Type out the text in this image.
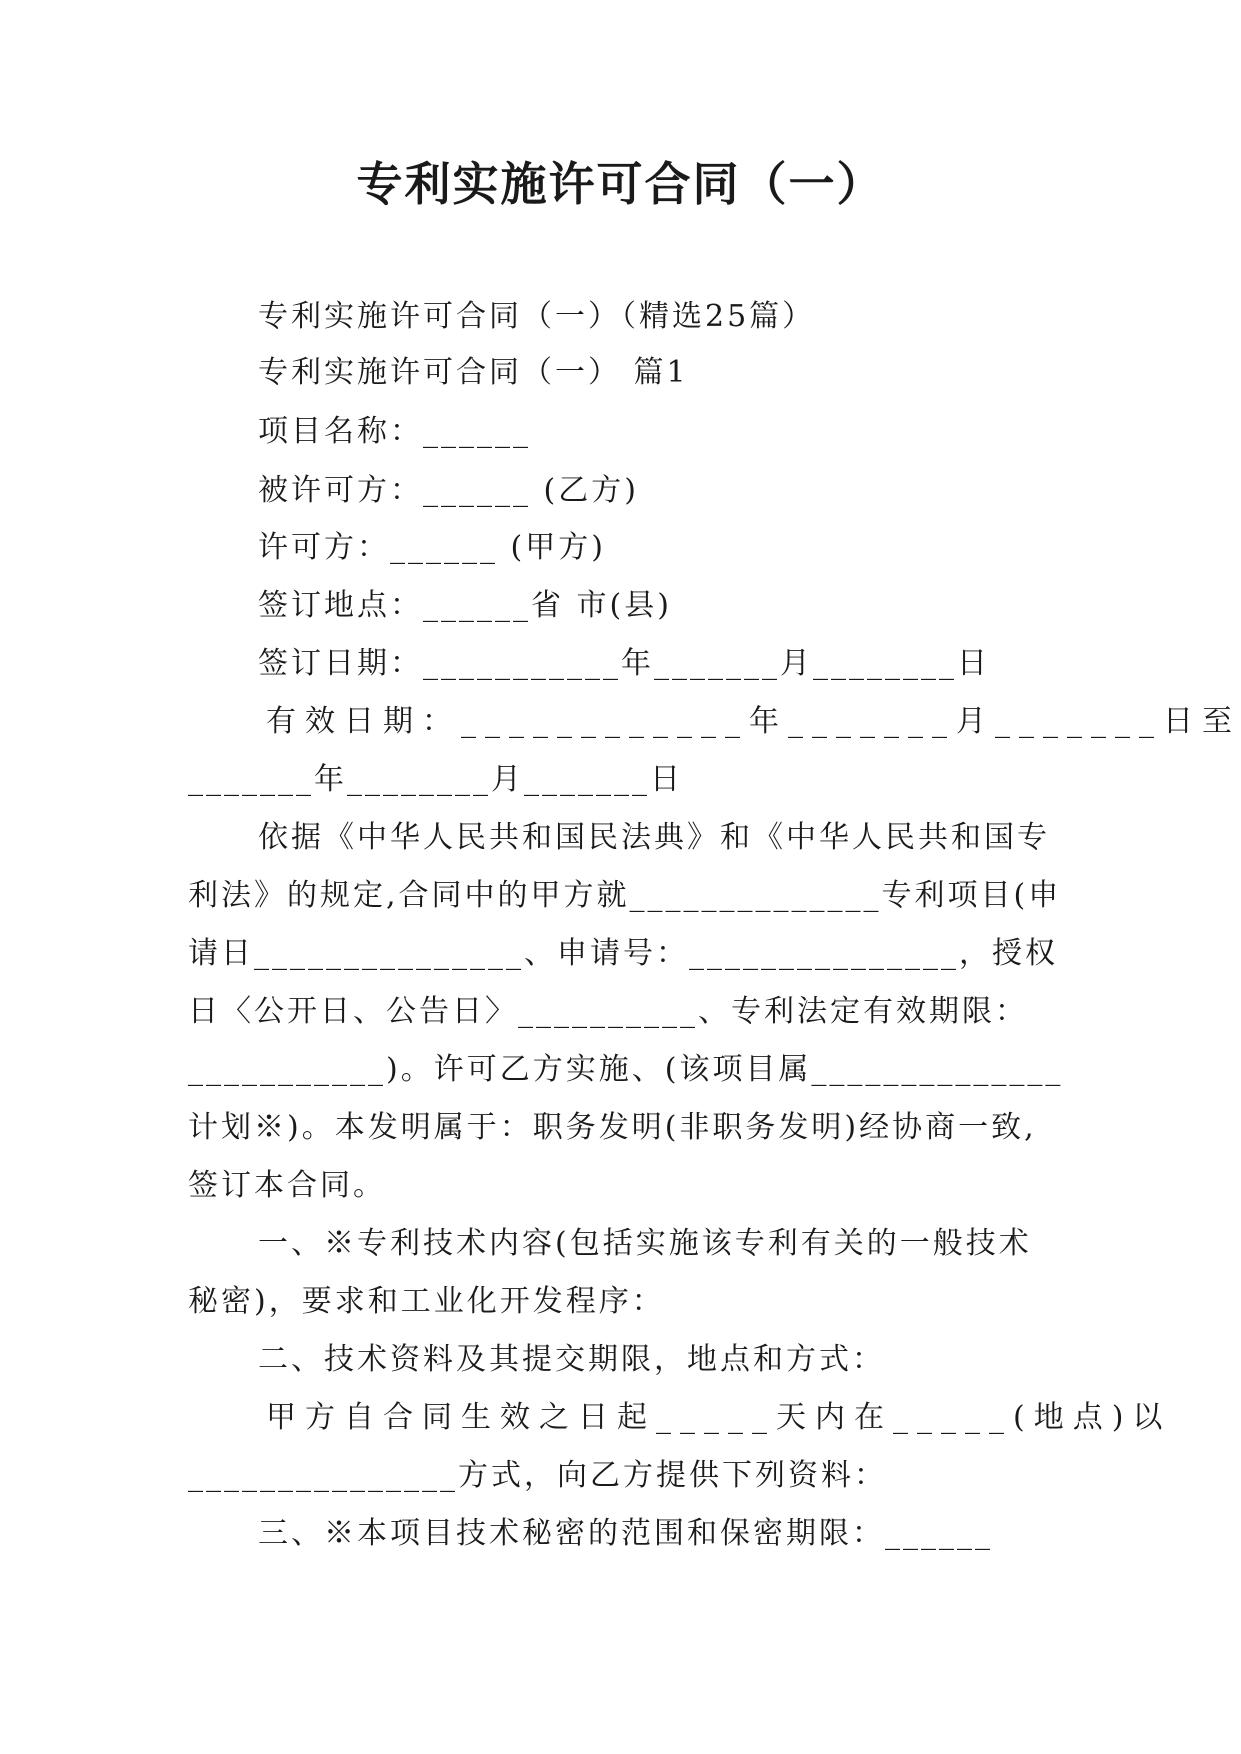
专利实施许可合同（一）
专利实施许可合同（一）（精选25篇）
专利实施许可合同（一） 篇1
项目名称：______
被许可方：______ (乙方)
许可方：______ (甲方)
签订地点：______省 市(县)
签订日期：___________年_______月________日
有效日期：____________年_______月_______日至
_______年________月_______日
依据《中华人民共和国民法典》和《中华人民共和国专
利法》的规定,合同中的甲方就______________专利项目(申
请日_______________、申请号：_______________，授权
日〈公开日、公告日〉__________、专利法定有效期限：
___________)。许可乙方实施、(该项目属______________
计划※)。本发明属于：职务发明(非职务发明)经协商一致,
签订本合同。
一、※专利技术内容(包括实施该专利有关的一般技术
秘密)，要求和工业化开发程序：
二、技术资料及其提交期限，地点和方式：
甲方自合同生效之日起_____天内在_____(地点)以
_______________方式，向乙方提供下列资料：
三、※本项目技术秘密的范围和保密期限：______
